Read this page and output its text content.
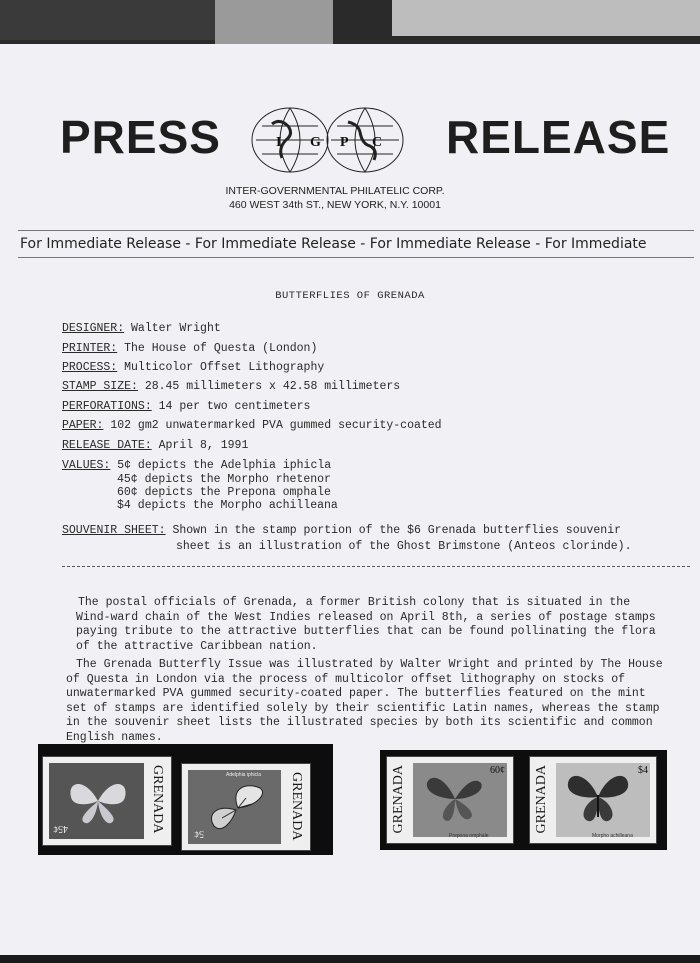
PRESS	RELEASE
I G P C
INTER-GOVERNMENTAL PHILATELIC CORP.
460 WEST 34th ST., NEW YORK, N.Y. 10001
For Immediate Release - For Immediate Release - For Immediate Release - For Immediate
BUTTERFLIES OF GRENADA
DESIGNER: Walter Wright
PRINTER: The House of Questa (London)
PROCESS: Multicolor Offset Lithography
STAMP SIZE: 28.45 millimeters x 42.58 millimeters
PERFORATIONS: 14 per two centimeters
PAPER: 102 gm2 unwatermarked PVA gummed security-coated
RELEASE DATE: April 8, 1991
VALUES: 5¢ depicts the Adelphia iphicla
45¢ depicts the Morpho rhetenor
60¢ depicts the Prepona omphale
$4 depicts the Morpho achilleana
SOUVENIR SHEET: Shown in the stamp portion of the $6 Grenada butterflies souvenir
sheet is an illustration of the Ghost Brimstone (Anteos clorinde).
The postal officials of Grenada, a former British colony that is situated in the Wind-ward chain of the West Indies released on April 8th, a series of postage stamps paying tribute to the attractive butterflies that can be found pollinating the flora of the attractive Caribbean nation.
The Grenada Butterfly Issue was illustrated by Walter Wright and printed by The House of Questa in London via the process of multicolor offset lithography on stocks of unwatermarked PVA gummed security-coated paper. The butterflies featured on the mint set of stamps are identified solely by their scientific Latin names, whereas the stamp in the souvenir sheet lists the illustrated species by both its scientific and common English names.
45¢	GRENADA	Adelphia iphicla
5¢	GRENADA	GRENADA	60¢
Prepona omphale
GRENADA	$4
Morpho achilleana
